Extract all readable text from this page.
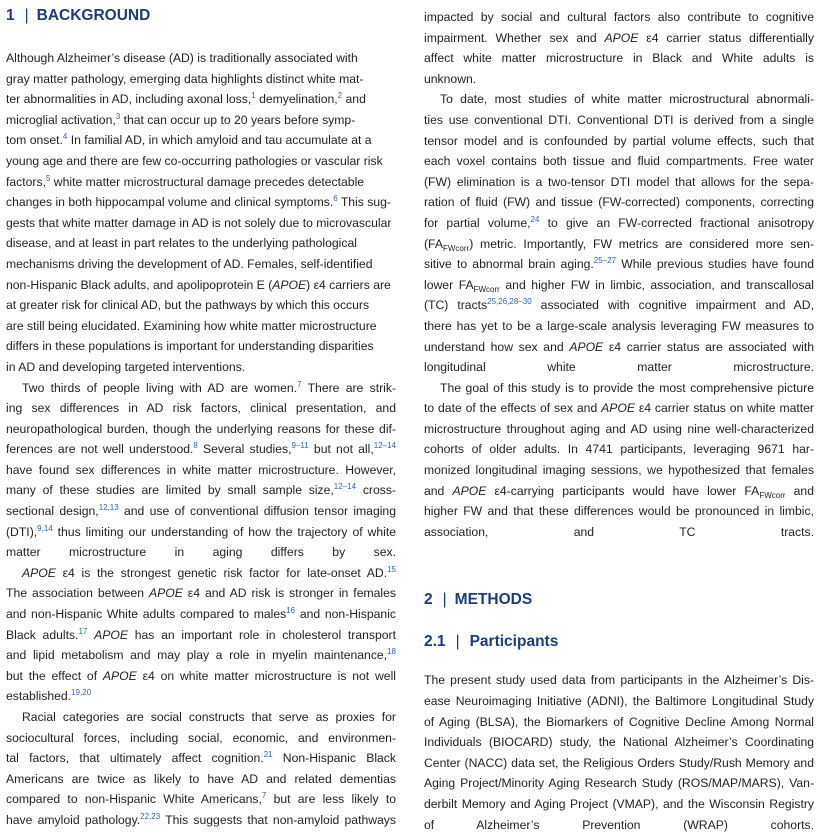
1 | BACKGROUND

Although Alzheimer’s disease (AD) is traditionally associated with
gray matter pathology, emerging data highlights distinct white mat-
ter abnormalities in AD, including axonal loss,$^1$ demyelination,$^2$ and
microglial activation,$^3$ that can occur up to 20 years before symp-
tom onset.$^4$ In familial AD, in which amyloid and tau accumulate at a
young age and there are few co-occurring pathologies or vascular risk
factors,$^5$ white matter microstructural damage precedes detectable
changes in both hippocampal volume and clinical symptoms.$^6$ This sug-
gests that white matter damage in AD is not solely due to microvascular
disease, and at least in part relates to the underlying pathological
mechanisms driving the development of AD. Females, self-identified
non-Hispanic Black adults, and apolipoprotein E (APOE) ε4 carriers are
at greater risk for clinical AD, but the pathways by which this occurs
are still being elucidated. Examining how white matter microstructure
differs in these populations is important for understanding disparities
in AD and developing targeted interventions.

Two thirds of people living with AD are women.$^7$ There are strik-
ing sex differences in AD risk factors, clinical presentation, and
neuropathological burden, though the underlying reasons for these dif-
ferences are not well understood.$^8$ Several studies,$^{9-11}$ but not all,$^{12-14}$
have found sex differences in white matter microstructure. However,
many of these studies are limited by small sample size,$^{12-14}$ cross-
sectional design,$^{12,13}$ and use of conventional diffusion tensor imaging
(DTI),$^{9,14}$ thus limiting our understanding of how the trajectory of white
matter microstructure in aging differs by sex.

APOE ε4 is the strongest genetic risk factor for late-onset AD.$^{15}$
The association between APOE ε4 and AD risk is stronger in females
and non-Hispanic White adults compared to males$^{16}$ and non-Hispanic
Black adults.$^{17}$ APOE has an important role in cholesterol transport
and lipid metabolism and may play a role in myelin maintenance,$^{18}$
but the effect of APOE ε4 on white matter microstructure is not well
established.$^{19,20}$

Racial categories are social constructs that serve as proxies for
sociocultural forces, including social, economic, and environmen-
tal factors, that ultimately affect cognition.$^{21}$ Non-Hispanic Black
Americans are twice as likely to have AD and related dementias
compared to non-Hispanic White Americans,$^7$ but are less likely to
have amyloid pathology.$^{22,23}$ This suggests that non-amyloid pathways

impacted by social and cultural factors also contribute to cognitive
impairment. Whether sex and APOE ε4 carrier status differentially
affect white matter microstructure in Black and White adults is
unknown.

To date, most studies of white matter microstructural abnormali-
ties use conventional DTI. Conventional DTI is derived from a single
tensor model and is confounded by partial volume effects, such that
each voxel contains both tissue and fluid compartments. Free water
(FW) elimination is a two-tensor DTI model that allows for the sepa-
ration of fluid (FW) and tissue (FW-corrected) components, correcting
for partial volume,$^{24}$ to give an FW-corrected fractional anisotropy
$(FA_{FWcorr})$ metric. Importantly, FW metrics are considered more sen-
sitive to abnormal brain aging.$^{25-27}$ While previous studies have found
lower $FA_{FWcorr}$ and higher FW in limbic, association, and transcallosal
(TC) tracts$^{25,26,28-30}$ associated with cognitive impairment and AD,
there has yet to be a large-scale analysis leveraging FW measures to
understand how sex and APOE ε4 carrier status are associated with
longitudinal white matter microstructure.

The goal of this study is to provide the most comprehensive picture
to date of the effects of sex and APOE ε4 carrier status on white matter
microstructure throughout aging and AD using nine well-characterized
cohorts of older adults. In 4741 participants, leveraging 9671 har-
monized longitudinal imaging sessions, we hypothesized that females
and APOE ε4-carrying participants would have lower $FA_{FWcorr}$ and
higher FW and that these differences would be pronounced in limbic,
association, and TC tracts.

2 | METHODS
2.1 | Participants

The present study used data from participants in the Alzheimer’s Dis-
ease Neuroimaging Initiative (ADNI), the Baltimore Longitudinal Study
of Aging (BLSA), the Biomarkers of Cognitive Decline Among Normal
Individuals (BIOCARD) study, the National Alzheimer’s Coordinating
Center (NACC) data set, the Religious Orders Study/Rush Memory and
Aging Project/Minority Aging Research Study (ROS/MAP/MARS), Van-
derbilt Memory and Aging Project (VMAP), and the Wisconsin Registry
of Alzheimer’s Prevention (WRAP) cohorts.
